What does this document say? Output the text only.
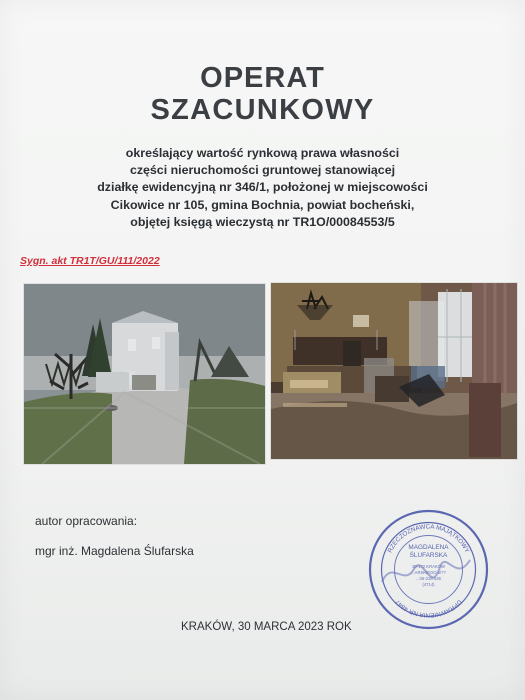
OPERAT
SZACUNKOWY
określający wartość rynkową prawa własności
części nieruchomości gruntowej stanowiącej
działkę ewidencyjną nr 346/1, położonej w miejscowości
Cikowice nr 105, gmina Bochnia, powiat bocheński,
objętej księgą wieczystą nr TR1O/00084553/5
Sygn. akt TR1T/GU/111/2022
autor opracowania:
mgr inż. Magdalena Ślufarska
KRAKÓW, 30 MARCA 2023 ROK
RZECZOZNAWCA MAJĄTKOWY
UPRAWNIENIA NR 4847
MAGDALENA
ŚLUFARSKA
30-1?2 KRAKÓW
...ARSKIEGO 5/??
...06-218-636
(4714)
